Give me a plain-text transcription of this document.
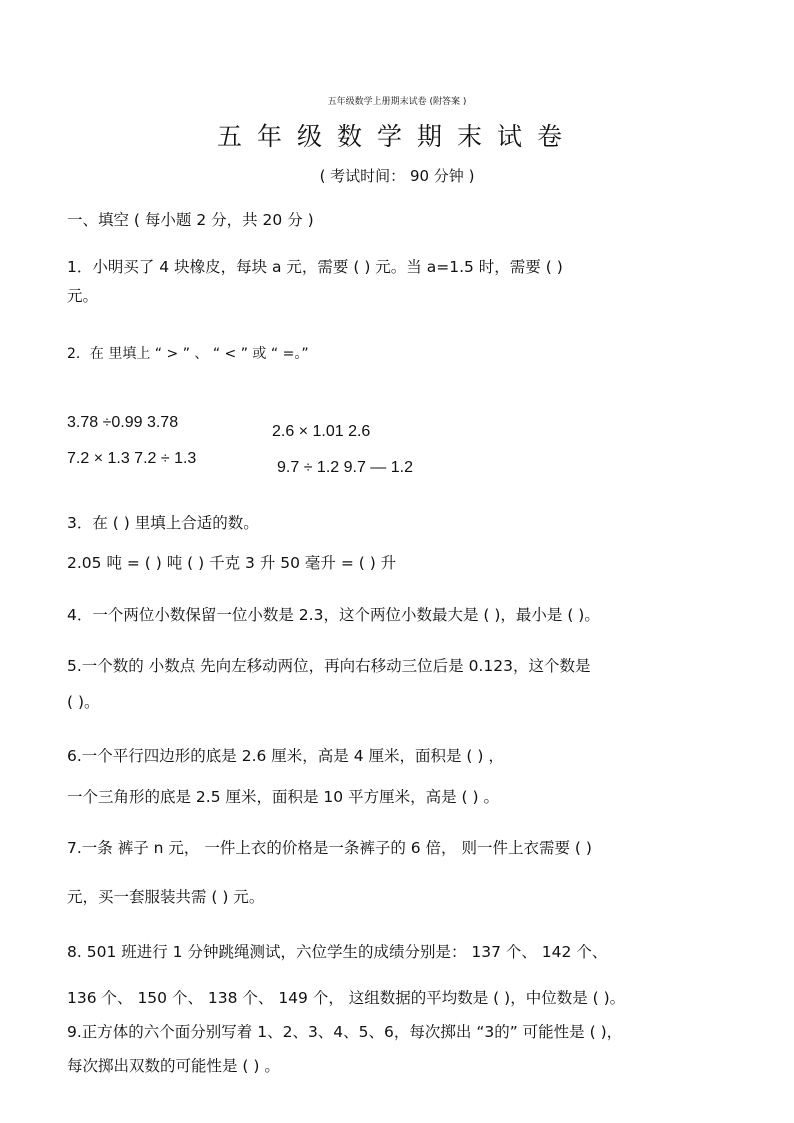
五年级数学上册期末试卷 (附答案 )
五年级数学期末试卷
( 考试时间： 90 分钟 )
一、填空 ( 每小题 2 分，共 20 分 )
1．小明买了 4 块橡皮，每块 a 元，需要 ( ) 元。当 a=1.5 时，需要 ( )
元。
2．在 里填上 “ > ” 、 “ < ” 或 “ =。”
3.78 ÷0.99 3.78
2.6 × 1.01 2.6
7.2 × 1.3 7.2 ÷ 1.3
9.7 ÷ 1.2 9.7 — 1.2
3．在 ( ) 里填上合适的数。
2.05 吨 = ( ) 吨 ( ) 千克 3 升 50 毫升 = ( ) 升
4．一个两位小数保留一位小数是 2.3，这个两位小数最大是 ( )，最小是 ( )。
5.一个数的 小数点 先向左移动两位，再向右移动三位后是 0.123，这个数是
( )。
6.一个平行四边形的底是 2.6 厘米，高是 4 厘米，面积是 ( ) ，
一个三角形的底是 2.5 厘米，面积是 10 平方厘米，高是 ( ) 。
7.一条 裤子 n 元， 一件上衣的价格是一条裤子的 6 倍， 则一件上衣需要 ( )
元，买一套服装共需 ( ) 元。
8. 501 班进行 1 分钟跳绳测试，六位学生的成绩分别是： 137 个、 142 个、
136 个、 150 个、 138 个、 149 个， 这组数据的平均数是 ( )，中位数是 ( )。
9.正方体的六个面分别写着 1、2、3、4、5、6，每次掷出 “3的” 可能性是 ( )，
每次掷出双数的可能性是 ( ) 。
